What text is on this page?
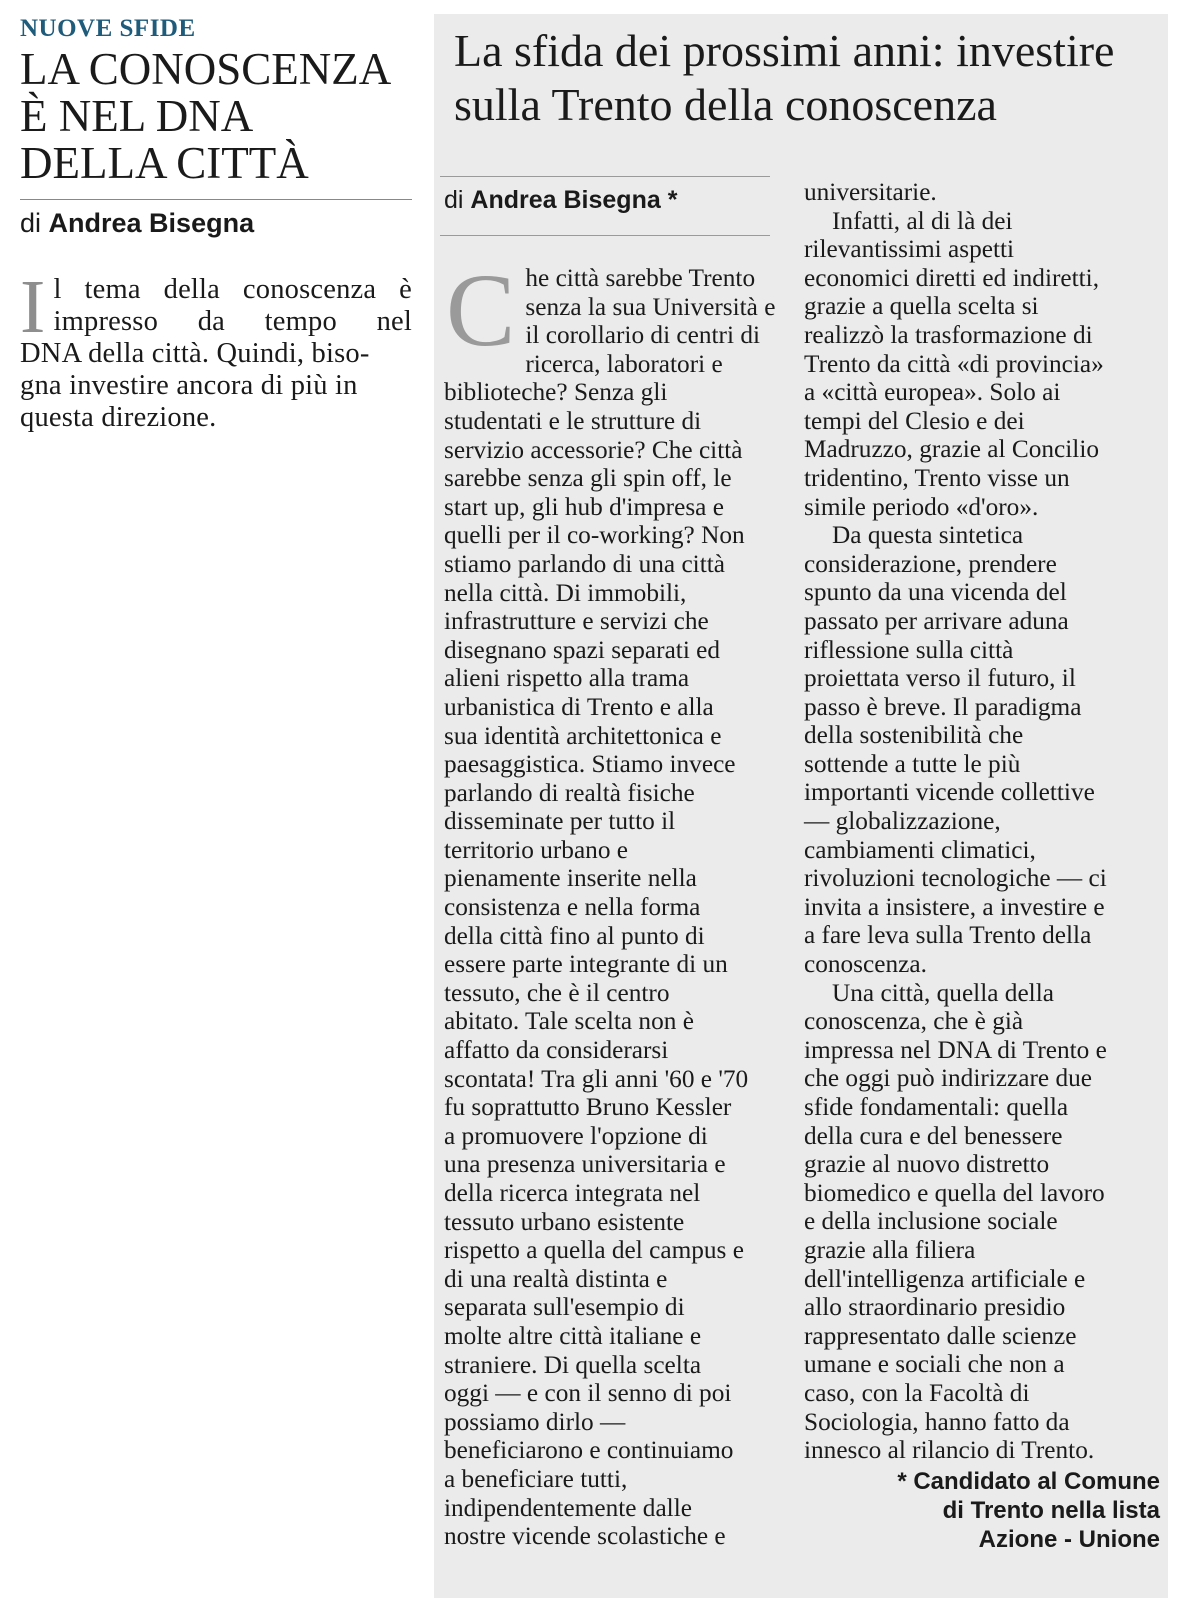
NUOVE SFIDE

LA CONOSCENZA
È NEL DNA
DELLA CITTÀ

di Andrea Bisegna

I l tema della conoscenza è
impresso da tempo nel
DNA della città. Quindi, biso-
gna investire ancora di più in
questa direzione.
La sfida dei prossimi anni: investire
sulla Trento della conoscenza

di Andrea Bisegna *

C he città sarebbe Trento
senza la sua Università e
il corollario di centri di
ricerca, laboratori e
biblioteche? Senza gli
studentati e le strutture di
servizio accessorie? Che città
sarebbe senza gli spin off, le
start up, gli hub d'impresa e
quelli per il co-working? Non
stiamo parlando di una città
nella città. Di immobili,
infrastrutture e servizi che
disegnano spazi separati ed
alieni rispetto alla trama
urbanistica di Trento e alla
sua identità architettonica e
paesaggistica. Stiamo invece
parlando di realtà fisiche
disseminate per tutto il
territorio urbano e
pienamente inserite nella
consistenza e nella forma
della città fino al punto di
essere parte integrante di un
tessuto, che è il centro
abitato. Tale scelta non è
affatto da considerarsi
scontata! Tra gli anni '60 e '70
fu soprattutto Bruno Kessler
a promuovere l'opzione di
una presenza universitaria e
della ricerca integrata nel
tessuto urbano esistente
rispetto a quella del campus e
di una realtà distinta e
separata sull'esempio di
molte altre città italiane e
straniere. Di quella scelta
oggi — e con il senno di poi
possiamo dirlo —
beneficiarono e continuiamo
a beneficiare tutti,
indipendentemente dalle
nostre vicende scolastiche e
universitarie.
Infatti, al di là dei
rilevantissimi aspetti
economici diretti ed indiretti,
grazie a quella scelta si
realizzò la trasformazione di
Trento da città «di provincia»
a «città europea». Solo ai
tempi del Clesio e dei
Madruzzo, grazie al Concilio
tridentino, Trento visse un
simile periodo «d'oro».
Da questa sintetica
considerazione, prendere
spunto da una vicenda del
passato per arrivare aduna
riflessione sulla città
proiettata verso il futuro, il
passo è breve. Il paradigma
della sostenibilità che
sottende a tutte le più
importanti vicende collettive
— globalizzazione,
cambiamenti climatici,
rivoluzioni tecnologiche — ci
invita a insistere, a investire e
a fare leva sulla Trento della
conoscenza.
Una città, quella della
conoscenza, che è già
impressa nel DNA di Trento e
che oggi può indirizzare due
sfide fondamentali: quella
della cura e del benessere
grazie al nuovo distretto
biomedico e quella del lavoro
e della inclusione sociale
grazie alla filiera
dell'intelligenza artificiale e
allo straordinario presidio
rappresentato dalle scienze
umane e sociali che non a
caso, con la Facoltà di
Sociologia, hanno fatto da
innesco al rilancio di Trento.
* Candidato al Comune
di Trento nella lista
Azione - Unione
